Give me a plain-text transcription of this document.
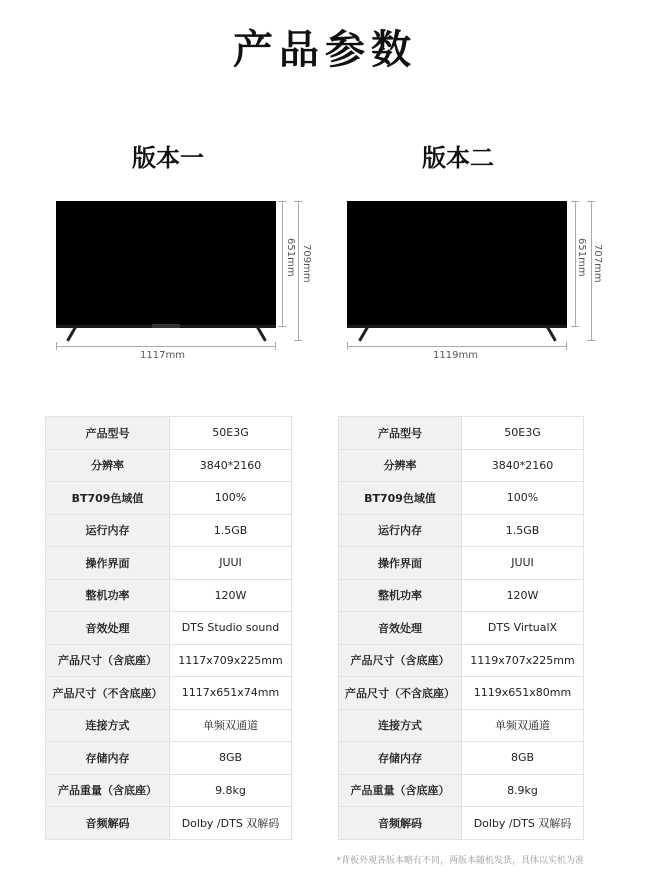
产品参数
版本一	版本二
1117mm
651mm 709mm
1119mm
651mm 707mm
产品型号	50E3G
分辨率	3840*2160
BT709色域值	100%
运行内存	1.5GB
操作界面	JUUI
整机功率	120W
音效处理	DTS Studio sound
产品尺寸（含底座）	1117x709x225mm
产品尺寸（不含底座）	1117x651x74mm
连接方式	单频双通道
存储内存	8GB
产品重量（含底座）	9.8kg
音频解码	Dolby /DTS 双解码
产品型号	50E3G
分辨率	3840*2160
BT709色域值	100%
运行内存	1.5GB
操作界面	JUUI
整机功率	120W
音效处理	DTS VirtualX
产品尺寸（含底座）	1119x707x225mm
产品尺寸（不含底座）	1119x651x80mm
连接方式	单频双通道
存储内存	8GB
产品重量（含底座）	8.9kg
音频解码	Dolby /DTS 双解码
*背板外观各版本略有不同，两版本随机发货，具体以实机为准
